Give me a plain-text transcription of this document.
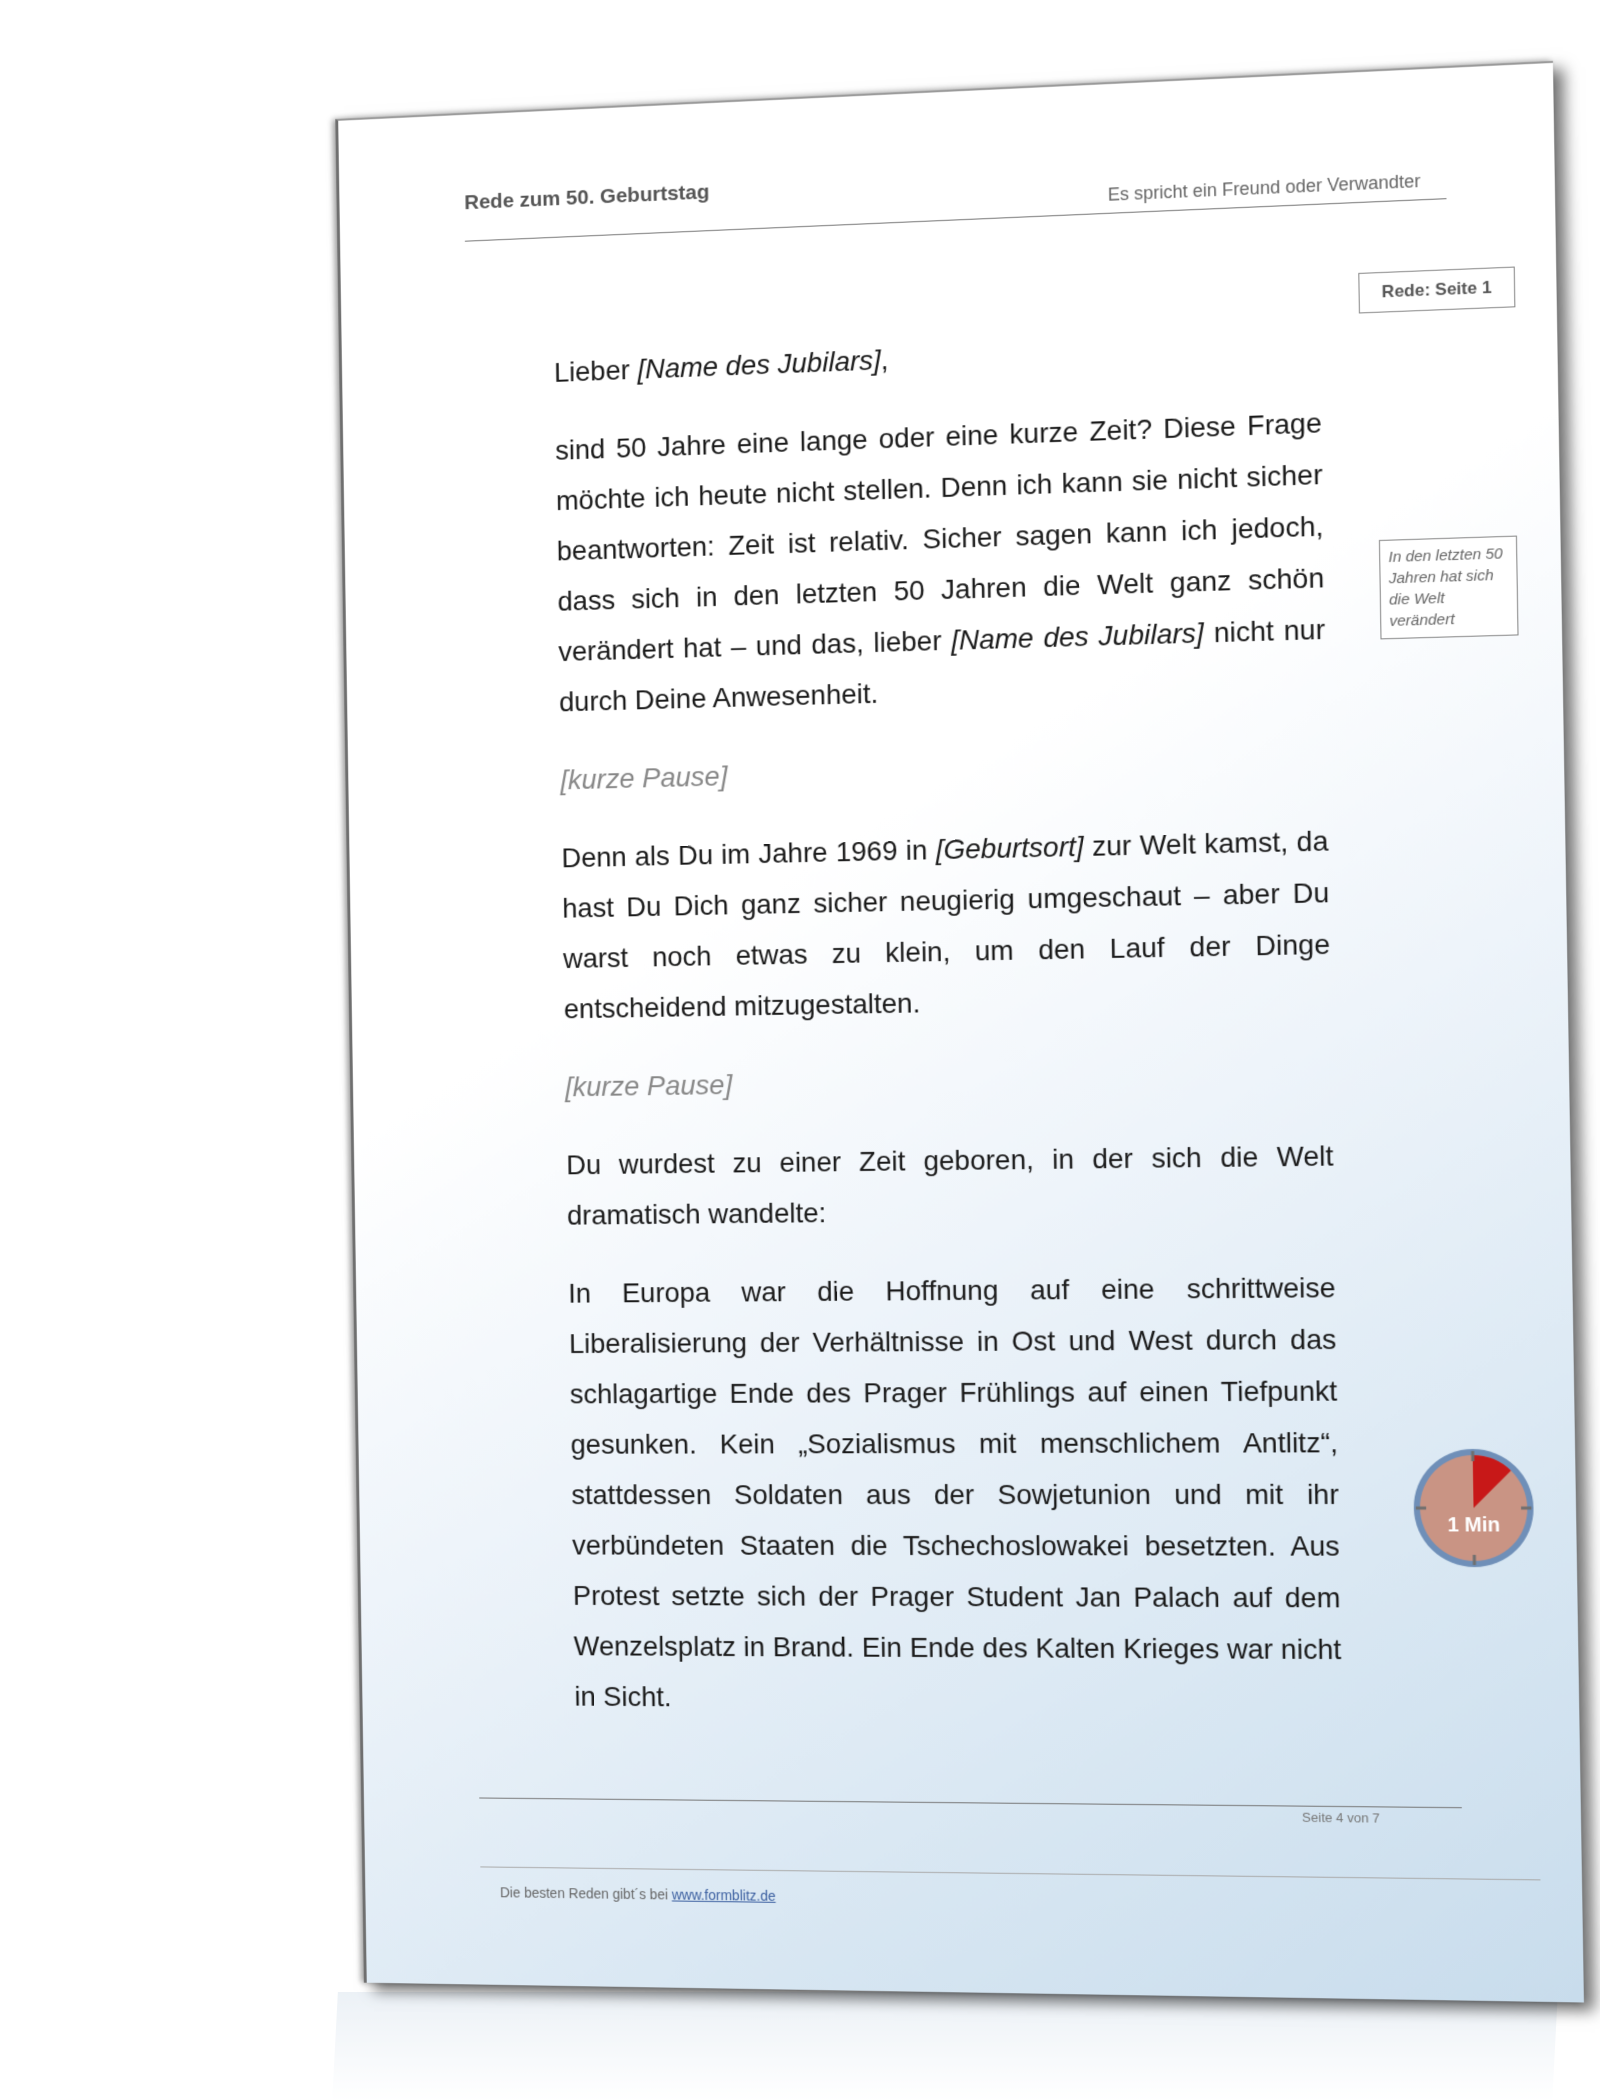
Rede zum 50. Geburtstag	Es spricht ein Freund oder Verwandter
Rede: Seite 1
In den letzten 50 Jahren hat sich die Welt verändert

Lieber [Name des Jubilars],

sind 50 Jahre eine lange oder eine kurze Zeit? Diese Frage möchte ich heute nicht stellen. Denn ich kann sie nicht sicher beantworten: Zeit ist relativ. Sicher sagen kann ich jedoch, dass sich in den letzten 50 Jahren die Welt ganz schön verändert hat – und das, lieber [Name des Jubilars] nicht nur durch Deine Anwesenheit.

[kurze Pause]

Denn als Du im Jahre 1969 in [Geburtsort] zur Welt kamst, da hast Du Dich ganz sicher neugierig umgeschaut – aber Du warst noch etwas zu klein, um den Lauf der Dinge entscheidend mitzugestalten.

[kurze Pause]

Du wurdest zu einer Zeit geboren, in der sich die Welt dramatisch wandelte:

In Europa war die Hoffnung auf eine schrittweise Liberalisierung der Verhältnisse in Ost und West durch das schlagartige Ende des Prager Frühlings auf einen Tiefpunkt gesunken. Kein „Sozialismus mit menschlichem Antlitz“, stattdessen Soldaten aus der Sowjetunion und mit ihr verbündeten Staaten die Tschechoslowakei besetzten. Aus Protest setzte sich der Prager Student Jan Palach auf dem Wenzelsplatz in Brand. Ein Ende des Kalten Krieges war nicht in Sicht.

1 Min
Seite 4 von 7
Die besten Reden gibt´s bei www.formblitz.de
